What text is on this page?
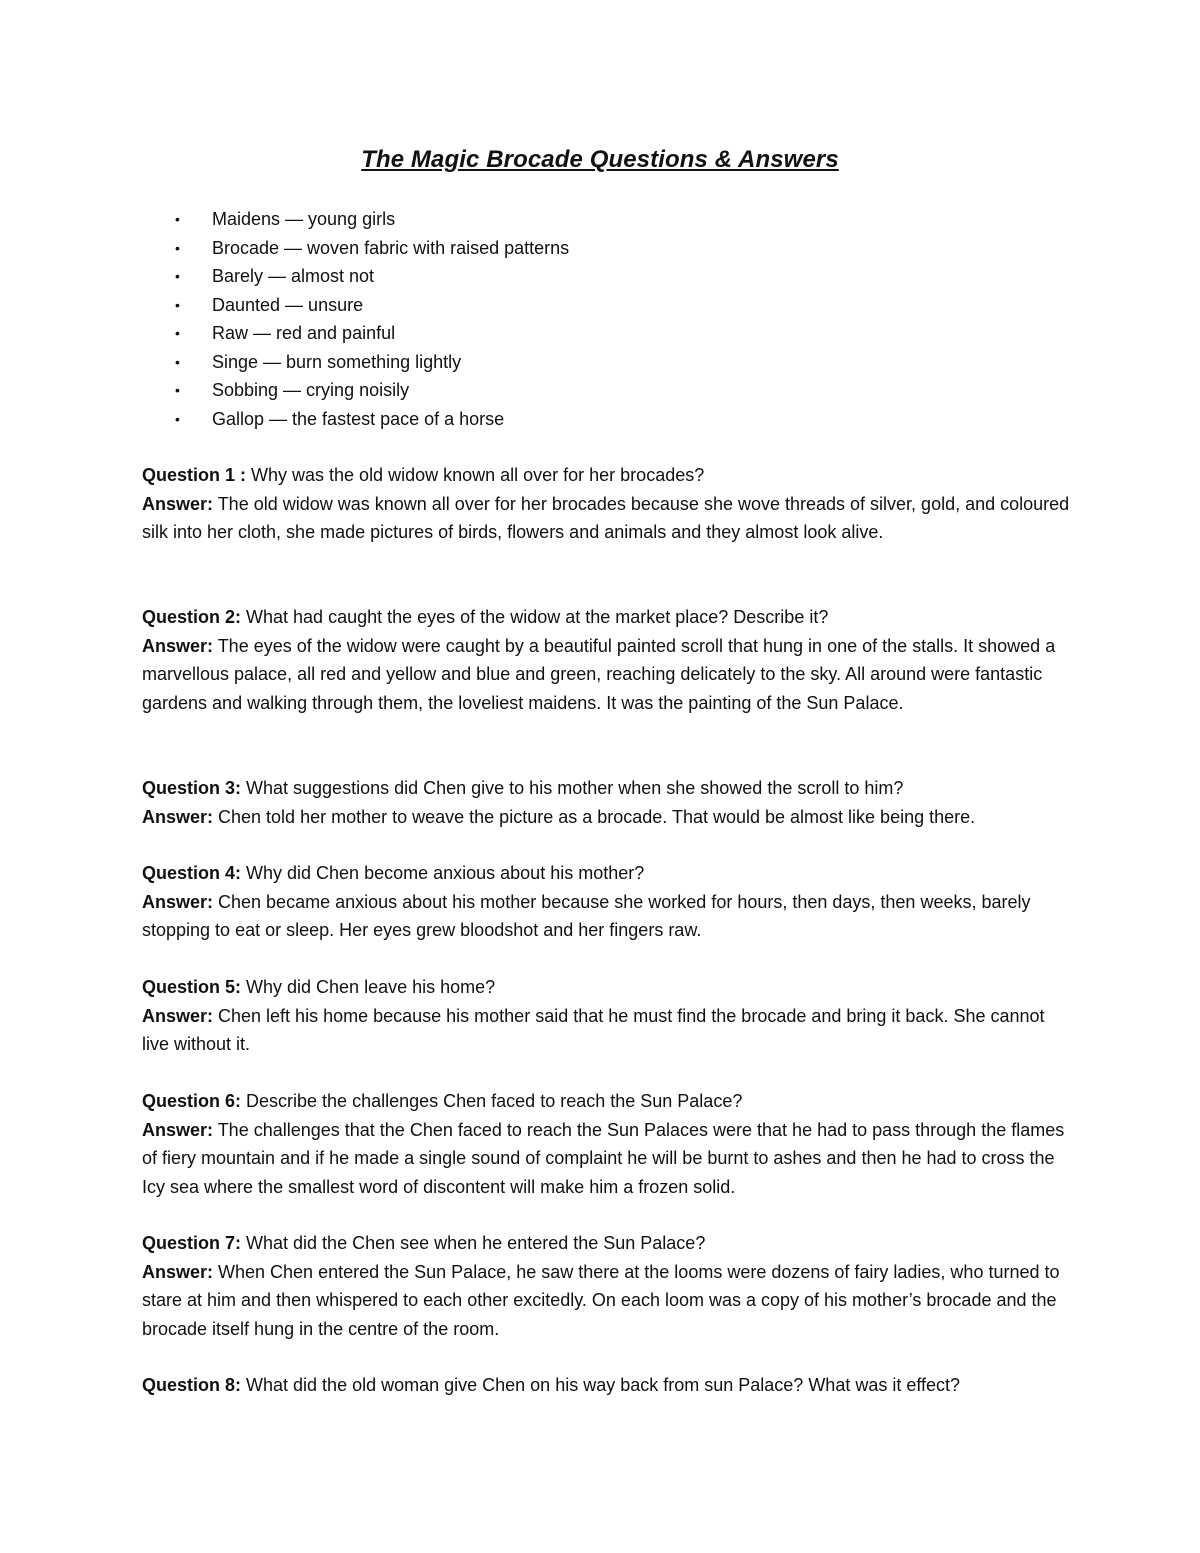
The Magic Brocade Questions & Answers
• Maidens — young girls
• Brocade — woven fabric with raised patterns
• Barely — almost not
• Daunted — unsure
• Raw — red and painful
• Singe — burn something lightly
• Sobbing — crying noisily
• Gallop — the fastest pace of a horse

Question 1 : Why was the old widow known all over for her brocades?

Answer: The old widow was known all over for her brocades because she wove threads of silver, gold, and coloured silk into her cloth, she made pictures of birds, flowers and animals and they almost look alive.

Question 2: What had caught the eyes of the widow at the market place? Describe it?

Answer: The eyes of the widow were caught by a beautiful painted scroll that hung in one of the stalls. It showed a marvellous palace, all red and yellow and blue and green, reaching delicately to the sky. All around were fantastic gardens and walking through them, the loveliest maidens. It was the painting of the Sun Palace.

Question 3: What suggestions did Chen give to his mother when she showed the scroll to him?

Answer: Chen told her mother to weave the picture as a brocade. That would be almost like being there.

Question 4: Why did Chen become anxious about his mother?

Answer: Chen became anxious about his mother because she worked for hours, then days, then weeks, barely stopping to eat or sleep. Her eyes grew bloodshot and her fingers raw.

Question 5: Why did Chen leave his home?

Answer: Chen left his home because his mother said that he must find the brocade and bring it back. She cannot live without it.

Question 6: Describe the challenges Chen faced to reach the Sun Palace?

Answer: The challenges that the Chen faced to reach the Sun Palaces were that he had to pass through the flames of fiery mountain and if he made a single sound of complaint he will be burnt to ashes and then he had to cross the Icy sea where the smallest word of discontent will make him a frozen solid.

Question 7: What did the Chen see when he entered the Sun Palace?

Answer: When Chen entered the Sun Palace, he saw there at the looms were dozens of fairy ladies, who turned to stare at him and then whispered to each other excitedly. On each loom was a copy of his mother’s brocade and the brocade itself hung in the centre of the room.

Question 8: What did the old woman give Chen on his way back from sun Palace? What was it effect?
